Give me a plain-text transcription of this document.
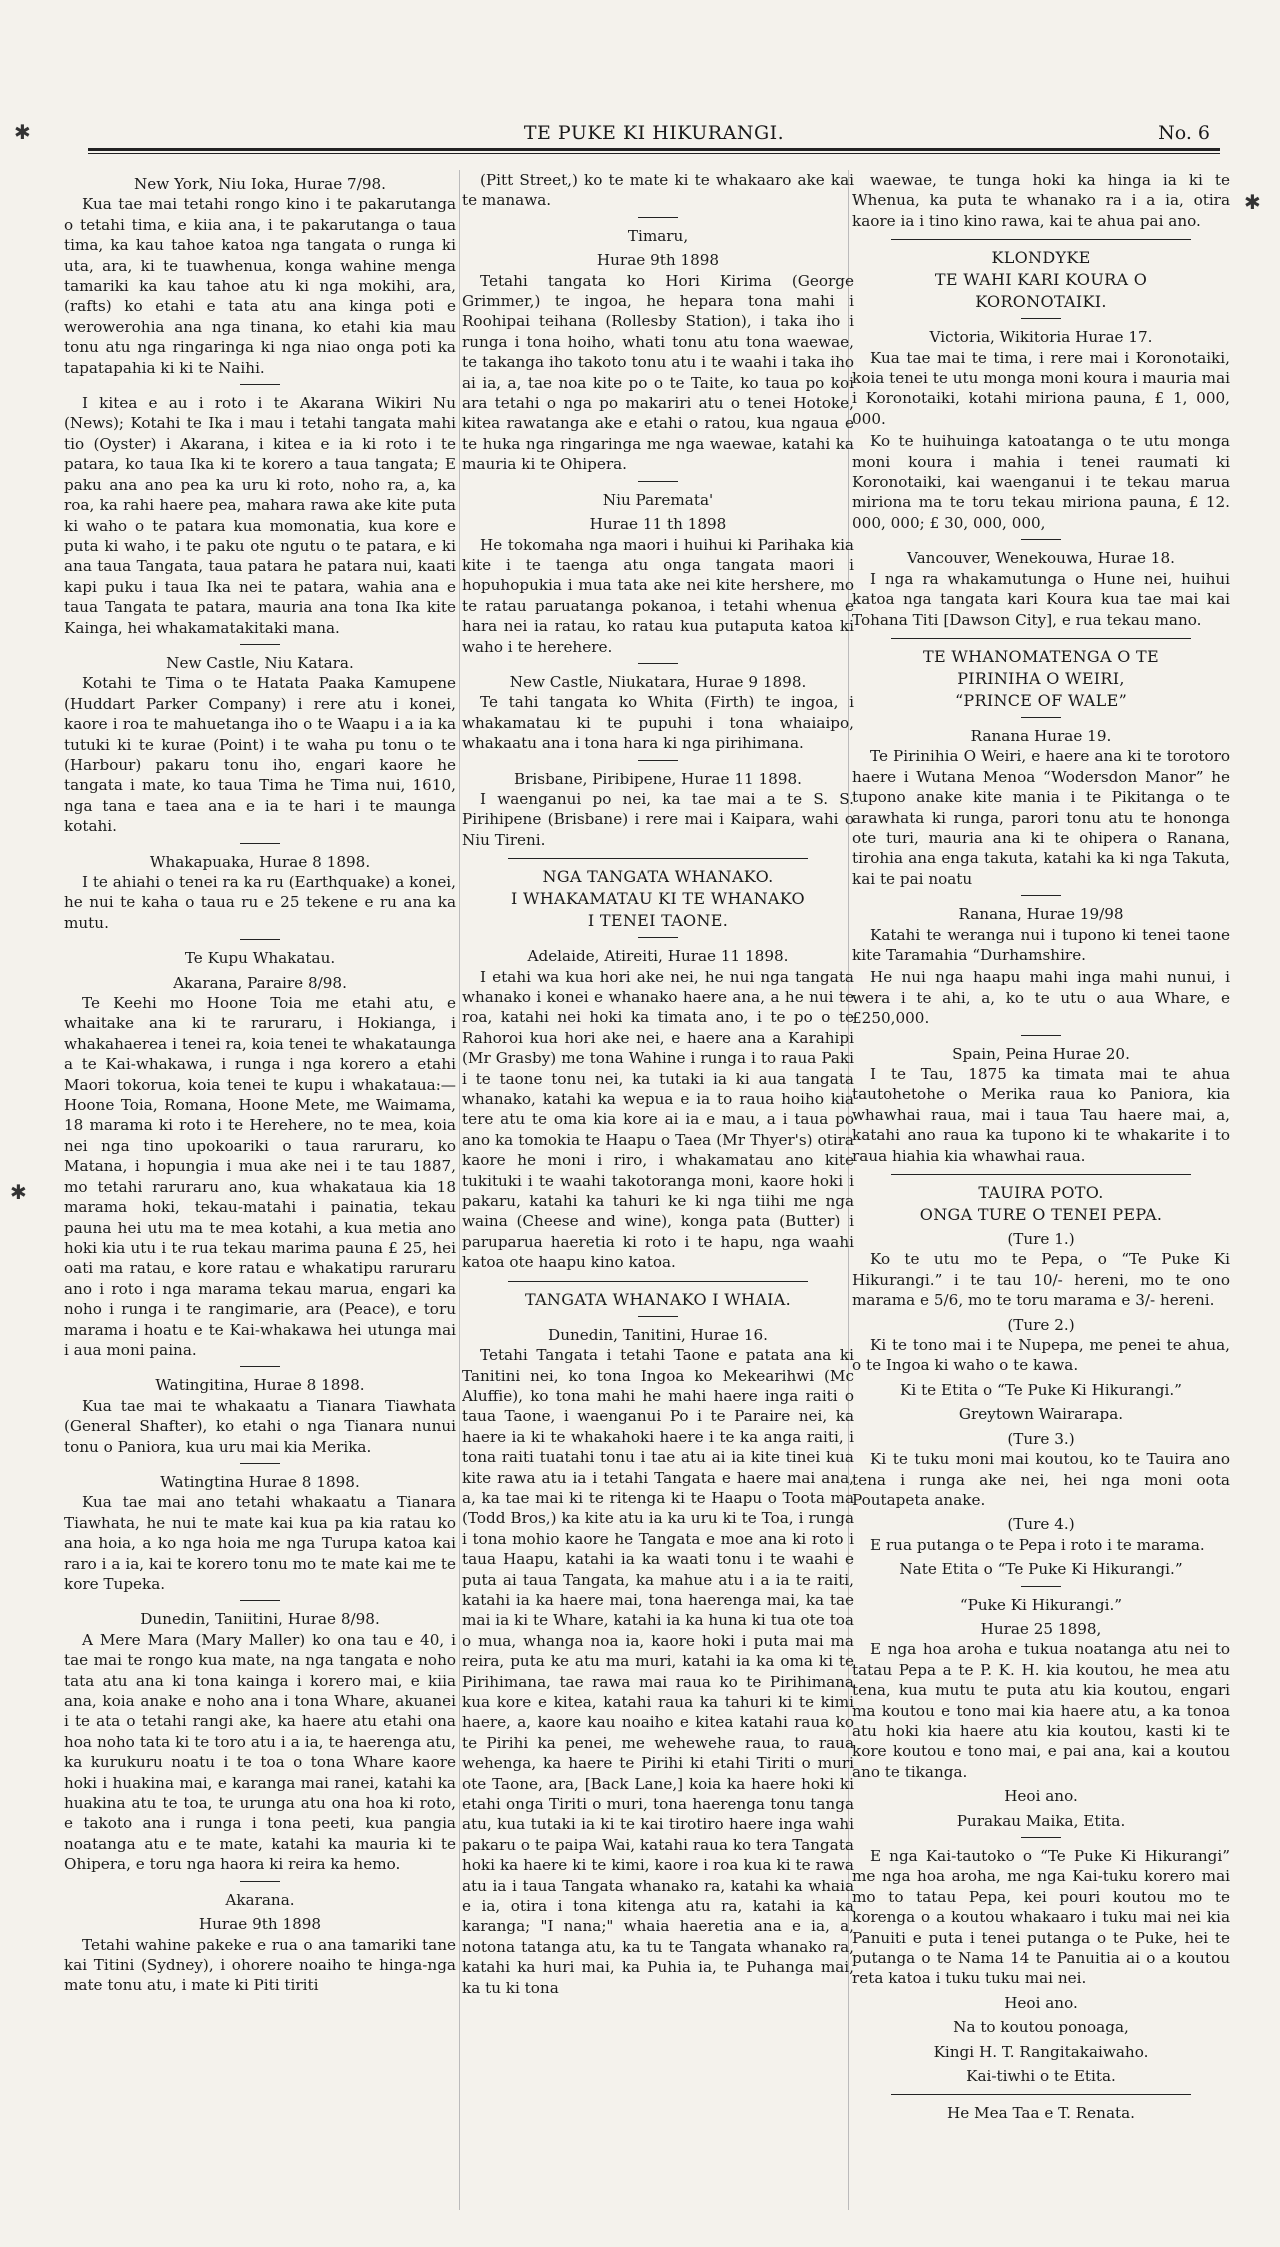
✱
✱
✱
TE PUKE KI HIKURANGI.	No. 6
New York, Niu Ioka, Hurae 7/98.
Kua tae mai tetahi rongo kino i te pakarutanga o tetahi tima, e kiia ana, i te pakarutanga o taua tima, ka kau tahoe katoa nga tangata o runga ki uta, ara, ki te tuawhenua, konga wahine menga tamariki ka kau tahoe atu ki nga mokihi, ara, (rafts) ko etahi e tata atu ana kinga poti e werowerohia ana nga tinana, ko etahi kia mau tonu atu nga ringaringa ki nga niao onga poti ka tapatapahia ki ki te Naihi.
I kitea e au i roto i te Akarana Wikiri Nu (News); Kotahi te Ika i mau i tetahi tangata mahi tio (Oyster) i Akarana, i kitea e ia ki roto i te patara, ko taua Ika ki te korero a taua tangata; E paku ana ano pea ka uru ki roto, noho ra, a, ka roa, ka rahi haere pea, mahara rawa ake kite puta ki waho o te patara kua momonatia, kua kore e puta ki waho, i te paku ote ngutu o te patara, e ki ana taua Tangata, taua patara he patara nui, kaati kapi puku i taua Ika nei te patara, wahia ana e taua Tangata te patara, mauria ana tona Ika kite Kainga, hei whakamatakitaki mana.
New Castle, Niu Katara.
Kotahi te Tima o te Hatata Paaka Kamupene (Huddart Parker Company) i rere atu i konei, kaore i roa te mahuetanga iho o te Waapu i a ia ka tutuki ki te kurae (Point) i te waha pu tonu o te (Harbour) pakaru tonu iho, engari kaore he tangata i mate, ko taua Tima he Tima nui, 1610, nga tana e taea ana e ia te hari i te maunga kotahi.
Whakapuaka, Hurae 8 1898.
I te ahiahi o tenei ra ka ru (Earthquake) a konei, he nui te kaha o taua ru e 25 tekene e ru ana ka mutu.
Te Kupu Whakatau.
Akarana, Paraire 8/98.
Te Keehi mo Hoone Toia me etahi atu, e whaitake ana ki te raruraru, i Hokianga, i whakahaerea i tenei ra, koia tenei te whakataunga a te Kai-whakawa, i runga i nga korero a etahi Maori tokorua, koia tenei te kupu i whakataua:— Hoone Toia, Romana, Hoone Mete, me Waimama, 18 marama ki roto i te Herehere, no te mea, koia nei nga tino upokoariki o taua raruraru, ko Matana, i hopungia i mua ake nei i te tau 1887, mo tetahi raruraru ano, kua whakataua kia 18 marama hoki, tekau-matahi i painatia, tekau pauna hei utu ma te mea kotahi, a kua metia ano hoki kia utu i te rua tekau marima pauna £ 25, hei oati ma ratau, e kore ratau e whakatipu raruraru ano i roto i nga marama tekau marua, engari ka noho i runga i te rangimarie, ara (Peace), e toru marama i hoatu e te Kai-whakawa hei utunga mai i aua moni paina.
Watingitina, Hurae 8 1898.
Kua tae mai te whakaatu a Tianara Tiawhata (General Shafter), ko etahi o nga Tianara nunui tonu o Paniora, kua uru mai kia Merika.
Watingtina Hurae 8 1898.
Kua tae mai ano tetahi whakaatu a Tianara Tiawhata, he nui te mate kai kua pa kia ratau ko ana hoia, a ko nga hoia me nga Turupa katoa kai raro i a ia, kai te korero tonu mo te mate kai me te kore Tupeka.
Dunedin, Taniitini, Hurae 8/98.
A Mere Mara (Mary Maller) ko ona tau e 40, i tae mai te rongo kua mate, na nga tangata e noho tata atu ana ki tona kainga i korero mai, e kiia ana, koia anake e noho ana i tona Whare, akuanei i te ata o tetahi rangi ake, ka haere atu etahi ona hoa noho tata ki te toro atu i a ia, te haerenga atu, ka kurukuru noatu i te toa o tona Whare kaore hoki i huakina mai, e karanga mai ranei, katahi ka huakina atu te toa, te urunga atu ona hoa ki roto, e takoto ana i runga i tona peeti, kua pangia noatanga atu e te mate, katahi ka mauria ki te Ohipera, e toru nga haora ki reira ka hemo.
Akarana.
Hurae 9th 1898
Tetahi wahine pakeke e rua o ana tamariki tane kai Titini (Sydney), i ohorere noaiho te hinga-nga mate tonu atu, i mate ki Piti tiriti
(Pitt Street,) ko te mate ki te whakaaro ake kai te manawa.
Timaru,
Hurae 9th 1898
Tetahi tangata ko Hori Kirima (George Grimmer,) te ingoa, he hepara tona mahi i Roohipai teihana (Rollesby Station), i taka iho i runga i tona hoiho, whati tonu atu tona waewae, te takanga iho takoto tonu atu i te waahi i taka iho ai ia, a, tae noa kite po o te Taite, ko taua po koi ara tetahi o nga po makariri atu o tenei Hotoke, kitea rawatanga ake e etahi o ratou, kua ngaua e te huka nga ringaringa me nga waewae, katahi ka mauria ki te Ohipera.
Niu Paremata'
Hurae 11 th 1898
He tokomaha nga maori i huihui ki Parihaka kia kite i te taenga atu onga tangata maori i hopuhopukia i mua tata ake nei kite hershere, mo te ratau paruatanga pokanoa, i tetahi whenua e hara nei ia ratau, ko ratau kua putaputa katoa ki waho i te herehere.
New Castle, Niukatara, Hurae 9 1898.
Te tahi tangata ko Whita (Firth) te ingoa, i whakamatau ki te pupuhi i tona whaiaipo, whakaatu ana i tona hara ki nga pirihimana.
Brisbane, Piribipene, Hurae 11 1898.
I waenganui po nei, ka tae mai a te S. S. Pirihipene (Brisbane) i rere mai i Kaipara, wahi o Niu Tireni.
NGA TANGATA WHANAKO.
I WHAKAMATAU KI TE WHANAKO
I TENEI TAONE.
Adelaide, Atireiti, Hurae 11 1898.
I etahi wa kua hori ake nei, he nui nga tangata whanako i konei e whanako haere ana, a he nui te roa, katahi nei hoki ka timata ano, i te po o te Rahoroi kua hori ake nei, e haere ana a Karahipi (Mr Grasby) me tona Wahine i runga i to raua Paki i te taone tonu nei, ka tutaki ia ki aua tangata whanako, katahi ka wepua e ia to raua hoiho kia tere atu te oma kia kore ai ia e mau, a i taua po ano ka tomokia te Haapu o Taea (Mr Thyer's) otira kaore he moni i riro, i whakamatau ano kite tukituki i te waahi takotoranga moni, kaore hoki i pakaru, katahi ka tahuri ke ki nga tiihi me nga waina (Cheese and wine), konga pata (Butter) i paruparua haeretia ki roto i te hapu, nga waahi katoa ote haapu kino katoa.
TANGATA WHANAKO I WHAIA.
Dunedin, Tanitini, Hurae 16.
Tetahi Tangata i tetahi Taone e patata ana ki Tanitini nei, ko tona Ingoa ko Mekearihwi (Mc Aluffie), ko tona mahi he mahi haere inga raiti o taua Taone, i waenganui Po i te Paraire nei, ka haere ia ki te whakahoki haere i te ka anga raiti, i tona raiti tuatahi tonu i tae atu ai ia kite tinei kua kite rawa atu ia i tetahi Tangata e haere mai ana, a, ka tae mai ki te ritenga ki te Haapu o Toota ma (Todd Bros,) ka kite atu ia ka uru ki te Toa, i runga i tona mohio kaore he Tangata e moe ana ki roto i taua Haapu, katahi ia ka waati tonu i te waahi e puta ai taua Tangata, ka mahue atu i a ia te raiti, katahi ia ka haere mai, tona haerenga mai, ka tae mai ia ki te Whare, katahi ia ka huna ki tua ote toa o mua, whanga noa ia, kaore hoki i puta mai ma reira, puta ke atu ma muri, katahi ia ka oma ki te Pirihimana, tae rawa mai raua ko te Pirihimana kua kore e kitea, katahi raua ka tahuri ki te kimi haere, a, kaore kau noaiho e kitea katahi raua ko te Pirihi ka penei, me wehewehe raua, to raua wehenga, ka haere te Pirihi ki etahi Tiriti o muri ote Taone, ara, [Back Lane,] koia ka haere hoki ki etahi onga Tiriti o muri, tona haerenga tonu tanga atu, kua tutaki ia ki te kai tirotiro haere inga wahi pakaru o te paipa Wai, katahi raua ko tera Tangata hoki ka haere ki te kimi, kaore i roa kua ki te rawa atu ia i taua Tangata whanako ra, katahi ka whaia e ia, otira i tona kitenga atu ra, katahi ia ka karanga; "I nana;" whaia haeretia ana e ia, a, notona tatanga atu, ka tu te Tangata whanako ra, katahi ka huri mai, ka Puhia ia, te Puhanga mai, ka tu ki tona
waewae, te tunga hoki ka hinga ia ki te Whenua, ka puta te whanako ra i a ia, otira kaore ia i tino kino rawa, kai te ahua pai ano.
KLONDYKE
TE WAHI KARI KOURA O
KORONOTAIKI.
Victoria, Wikitoria Hurae 17.
Kua tae mai te tima, i rere mai i Koronotaiki, koia tenei te utu monga moni koura i mauria mai i Koronotaiki, kotahi miriona pauna, £ 1, 000, 000.
Ko te huihuinga katoatanga o te utu monga moni koura i mahia i tenei raumati ki Koronotaiki, kai waenganui i te tekau marua miriona ma te toru tekau miriona pauna, £ 12. 000, 000; £ 30, 000, 000,
Vancouver, Wenekouwa, Hurae 18.
I nga ra whakamutunga o Hune nei, huihui katoa nga tangata kari Koura kua tae mai kai Tohana Titi [Dawson City], e rua tekau mano.
TE WHANOMATENGA O TE
PIRINIHA O WEIRI,
“PRINCE OF WALE”
Ranana Hurae 19.
Te Pirinihia O Weiri, e haere ana ki te torotoro haere i Wutana Menoa “Wodersdon Manor” he tupono anake kite mania i te Pikitanga o te arawhata ki runga, parori tonu atu te hononga ote turi, mauria ana ki te ohipera o Ranana, tirohia ana enga takuta, katahi ka ki nga Takuta, kai te pai noatu
Ranana, Hurae 19/98
Katahi te weranga nui i tupono ki tenei taone kite Taramahia “Durhamshire.
He nui nga haapu mahi inga mahi nunui, i wera i te ahi, a, ko te utu o aua Whare, e £250,000.
Spain, Peina Hurae 20.
I te Tau, 1875 ka timata mai te ahua tautohetohe o Merika raua ko Paniora, kia whawhai raua, mai i taua Tau haere mai, a, katahi ano raua ka tupono ki te whakarite i to raua hiahia kia whawhai raua.
TAUIRA POTO.
ONGA TURE O TENEI PEPA.
(Ture 1.)
Ko te utu mo te Pepa, o “Te Puke Ki Hikurangi.” i te tau 10/- hereni, mo te ono marama e 5/6, mo te toru marama e 3/- hereni.
(Ture 2.)
Ki te tono mai i te Nupepa, me penei te ahua, o te Ingoa ki waho o te kawa.
Ki te Etita o “Te Puke Ki Hikurangi.”
Greytown Wairarapa.
(Ture 3.)
Ki te tuku moni mai koutou, ko te Tauira ano tena i runga ake nei, hei nga moni oota Poutapeta anake.
(Ture 4.)
E rua putanga o te Pepa i roto i te marama.
Nate Etita o “Te Puke Ki Hikurangi.”
“Puke Ki Hikurangi.”
Hurae 25 1898,
E nga hoa aroha e tukua noatanga atu nei to tatau Pepa a te P. K. H. kia koutou, he mea atu tena, kua mutu te puta atu kia koutou, engari ma koutou e tono mai kia haere atu, a ka tonoa atu hoki kia haere atu kia koutou, kasti ki te kore koutou e tono mai, e pai ana, kai a koutou ano te tikanga.
Heoi ano.
Purakau Maika, Etita.
E nga Kai-tautoko o “Te Puke Ki Hikurangi” me nga hoa aroha, me nga Kai-tuku korero mai mo to tatau Pepa, kei pouri koutou mo te korenga o a koutou whakaaro i tuku mai nei kia Panuiti e puta i tenei putanga o te Puke, hei te putanga o te Nama 14 te Panuitia ai o a koutou reta katoa i tuku tuku mai nei.
Heoi ano.
Na to koutou ponoaga,
Kingi H. T. Rangitakaiwaho.
Kai-tiwhi o te Etita.
He Mea Taa e T. Renata.
